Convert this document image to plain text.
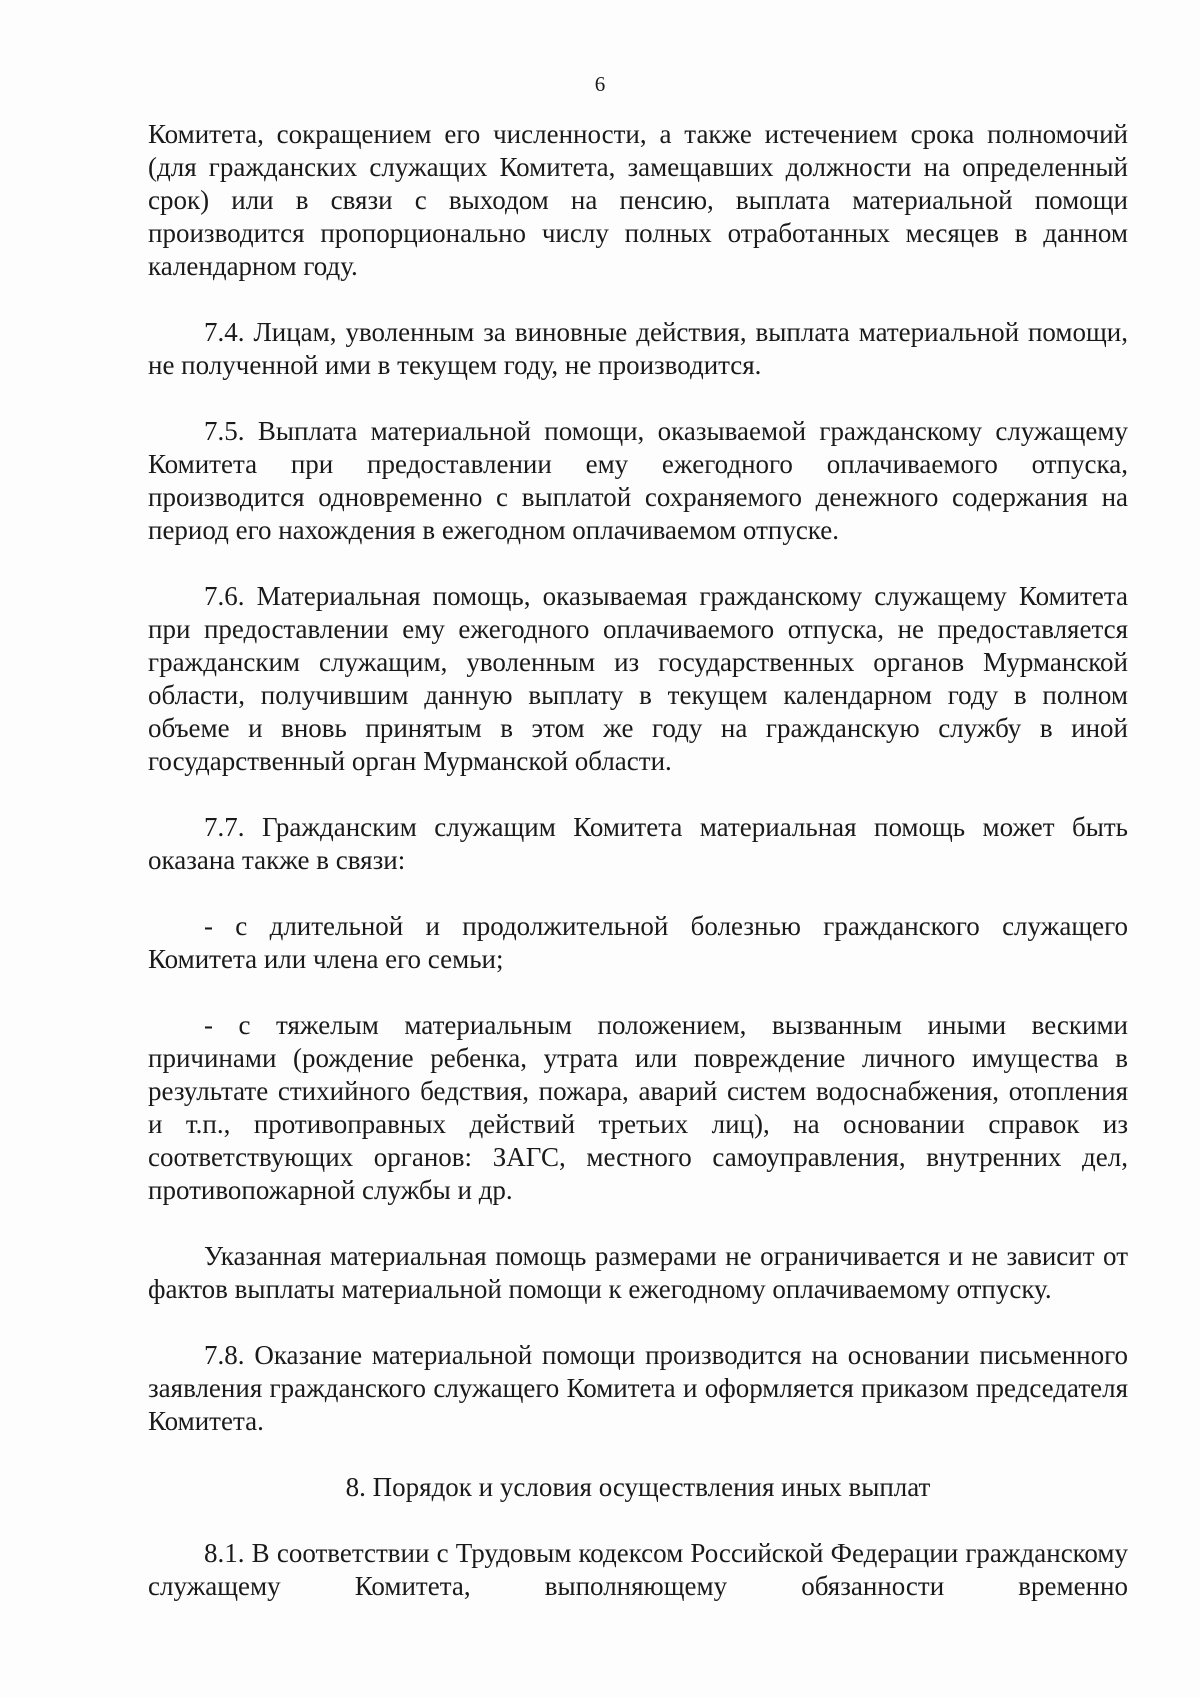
6

Комитета, сокращением его численности, а также истечением срока полномочий (для гражданских служащих Комитета, замещавших должности на определенный срок) или в связи с выходом на пенсию, выплата материальной помощи производится пропорционально числу полных отработанных месяцев в данном календарном году.

7.4. Лицам, уволенным за виновные действия, выплата материальной помощи, не полученной ими в текущем году, не производится.

7.5. Выплата материальной помощи, оказываемой гражданскому служащему Комитета при предоставлении ему ежегодного оплачиваемого отпуска, производится одновременно с выплатой сохраняемого денежного содержания на период его нахождения в ежегодном оплачиваемом отпуске.

7.6. Материальная помощь, оказываемая гражданскому служащему Комитета при предоставлении ему ежегодного оплачиваемого отпуска, не предоставляется гражданским служащим, уволенным из государственных органов Мурманской области, получившим данную выплату в текущем календарном году в полном объеме и вновь принятым в этом же году на гражданскую службу в иной государственный орган Мурманской области.

7.7. Гражданским служащим Комитета материальная помощь может быть оказана также в связи:

- с длительной и продолжительной болезнью гражданского служащего Комитета или члена его семьи;

- с тяжелым материальным положением, вызванным иными вескими причинами (рождение ребенка, утрата или повреждение личного имущества в результате стихийного бедствия, пожара, аварий систем водоснабжения, отопления и т.п., противоправных действий третьих лиц), на основании справок из соответствующих органов: ЗАГС, местного самоуправления, внутренних дел, противопожарной службы и др.

Указанная материальная помощь размерами не ограничивается и не зависит от фактов выплаты материальной помощи к ежегодному оплачиваемому отпуску.

7.8. Оказание материальной помощи производится на основании письменного заявления гражданского служащего Комитета и оформляется приказом председателя Комитета.

8. Порядок и условия осуществления иных выплат

8.1. В соответствии с Трудовым кодексом Российской Федерации гражданскому служащему Комитета, выполняющему обязанности временно
